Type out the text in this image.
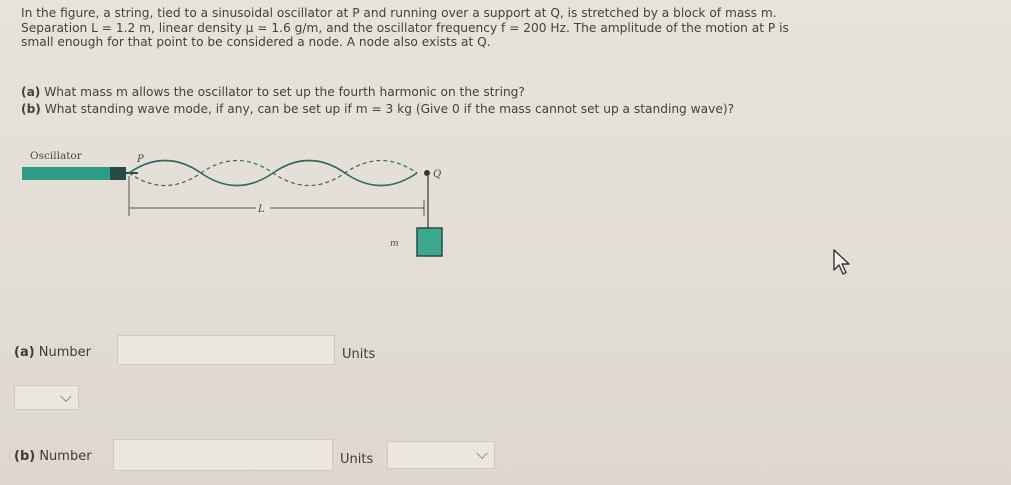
In the figure, a string, tied to a sinusoidal oscillator at P and running over a support at Q, is stretched by a block of mass m.

Separation L = 1.2 m, linear density μ = 1.6 g/m, and the oscillator frequency f = 200 Hz. The amplitude of the motion at P is

small enough for that point to be considered a node. A node also exists at Q.

(a) What mass m allows the oscillator to set up the fourth harmonic on the string?

(b) What standing wave mode, if any, can be set up if m = 3 kg (Give 0 if the mass cannot set up a standing wave)?

Oscillator	P
Q
L
m
(a) Number	Units
(b) Number	Units
